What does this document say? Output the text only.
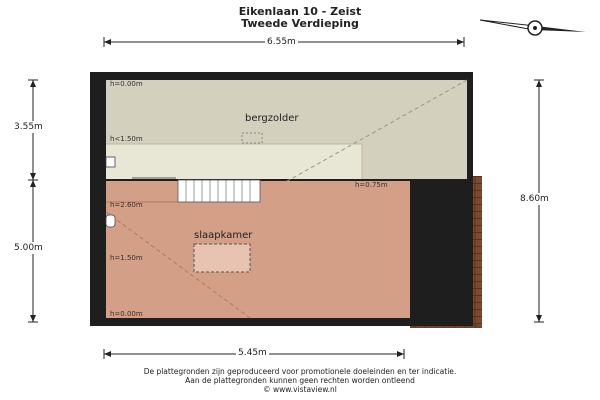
Eikenlaan 10 - Zeist
Tweede Verdieping
6.55m
3.55m
5.00m
8.60m
bergzolder
slaapkamer
h=0.00m
h<1.50m
h=2.60m
h=0.75m
h=1.50m
h=0.00m
5.45m
De plattegronden zijn geproduceerd voor promotionele doeleinden en ter indicatie.
Aan de plattegronden kunnen geen rechten worden ontleend
© www.vistaview.nl
